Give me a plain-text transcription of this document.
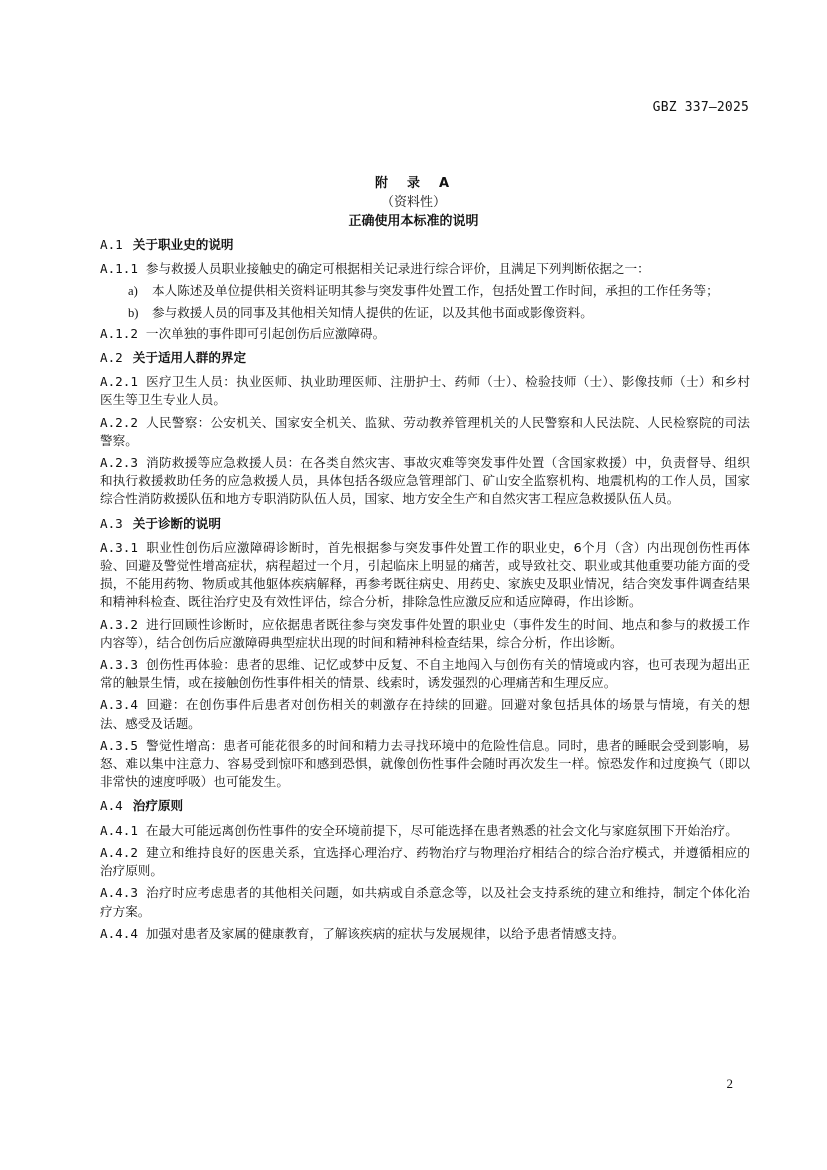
GBZ 337—2025
附　录　A
（资料性）
正确使用本标准的说明
A.1 关于职业史的说明
A.1.1 参与救援人员职业接触史的确定可根据相关记录进行综合评价，且满足下列判断依据之一：
a) 本人陈述及单位提供相关资料证明其参与突发事件处置工作，包括处置工作时间，承担的工作任务等；
b) 参与救援人员的同事及其他相关知情人提供的佐证，以及其他书面或影像资料。
A.1.2 一次单独的事件即可引起创伤后应激障碍。
A.2 关于适用人群的界定
A.2.1 医疗卫生人员：执业医师、执业助理医师、注册护士、药师（士）、检验技师（士）、影像技师（士）和乡村医生等卫生专业人员。
A.2.2 人民警察：公安机关、国家安全机关、监狱、劳动教养管理机关的人民警察和人民法院、人民检察院的司法警察。
A.2.3 消防救援等应急救援人员：在各类自然灾害、事故灾难等突发事件处置（含国家救援）中，负责督导、组织和执行救援救助任务的应急救援人员，具体包括各级应急管理部门、矿山安全监察机构、地震机构的工作人员，国家综合性消防救援队伍和地方专职消防队伍人员，国家、地方安全生产和自然灾害工程应急救援队伍人员。
A.3 关于诊断的说明
A.3.1 职业性创伤后应激障碍诊断时，首先根据参与突发事件处置工作的职业史，6个月（含）内出现创伤性再体验、回避及警觉性增高症状，病程超过一个月，引起临床上明显的痛苦，或导致社交、职业或其他重要功能方面的受损，不能用药物、物质或其他躯体疾病解释，再参考既往病史、用药史、家族史及职业情况，结合突发事件调查结果和精神科检查、既往治疗史及有效性评估，综合分析，排除急性应激反应和适应障碍，作出诊断。
A.3.2 进行回顾性诊断时，应依据患者既往参与突发事件处置的职业史（事件发生的时间、地点和参与的救援工作内容等），结合创伤后应激障碍典型症状出现的时间和精神科检查结果，综合分析，作出诊断。
A.3.3 创伤性再体验：患者的思维、记忆或梦中反复、不自主地闯入与创伤有关的情境或内容，也可表现为超出正常的触景生情，或在接触创伤性事件相关的情景、线索时，诱发强烈的心理痛苦和生理反应。
A.3.4 回避：在创伤事件后患者对创伤相关的刺激存在持续的回避。回避对象包括具体的场景与情境，有关的想法、感受及话题。
A.3.5 警觉性增高：患者可能花很多的时间和精力去寻找环境中的危险性信息。同时，患者的睡眠会受到影响，易怒、难以集中注意力、容易受到惊吓和感到恐惧，就像创伤性事件会随时再次发生一样。惊恐发作和过度换气（即以非常快的速度呼吸）也可能发生。
A.4 治疗原则
A.4.1 在最大可能远离创伤性事件的安全环境前提下，尽可能选择在患者熟悉的社会文化与家庭氛围下开始治疗。
A.4.2 建立和维持良好的医患关系，宜选择心理治疗、药物治疗与物理治疗相结合的综合治疗模式，并遵循相应的治疗原则。
A.4.3 治疗时应考虑患者的其他相关问题，如共病或自杀意念等，以及社会支持系统的建立和维持，制定个体化治疗方案。
A.4.4 加强对患者及家属的健康教育，了解该疾病的症状与发展规律，以给予患者情感支持。
2
